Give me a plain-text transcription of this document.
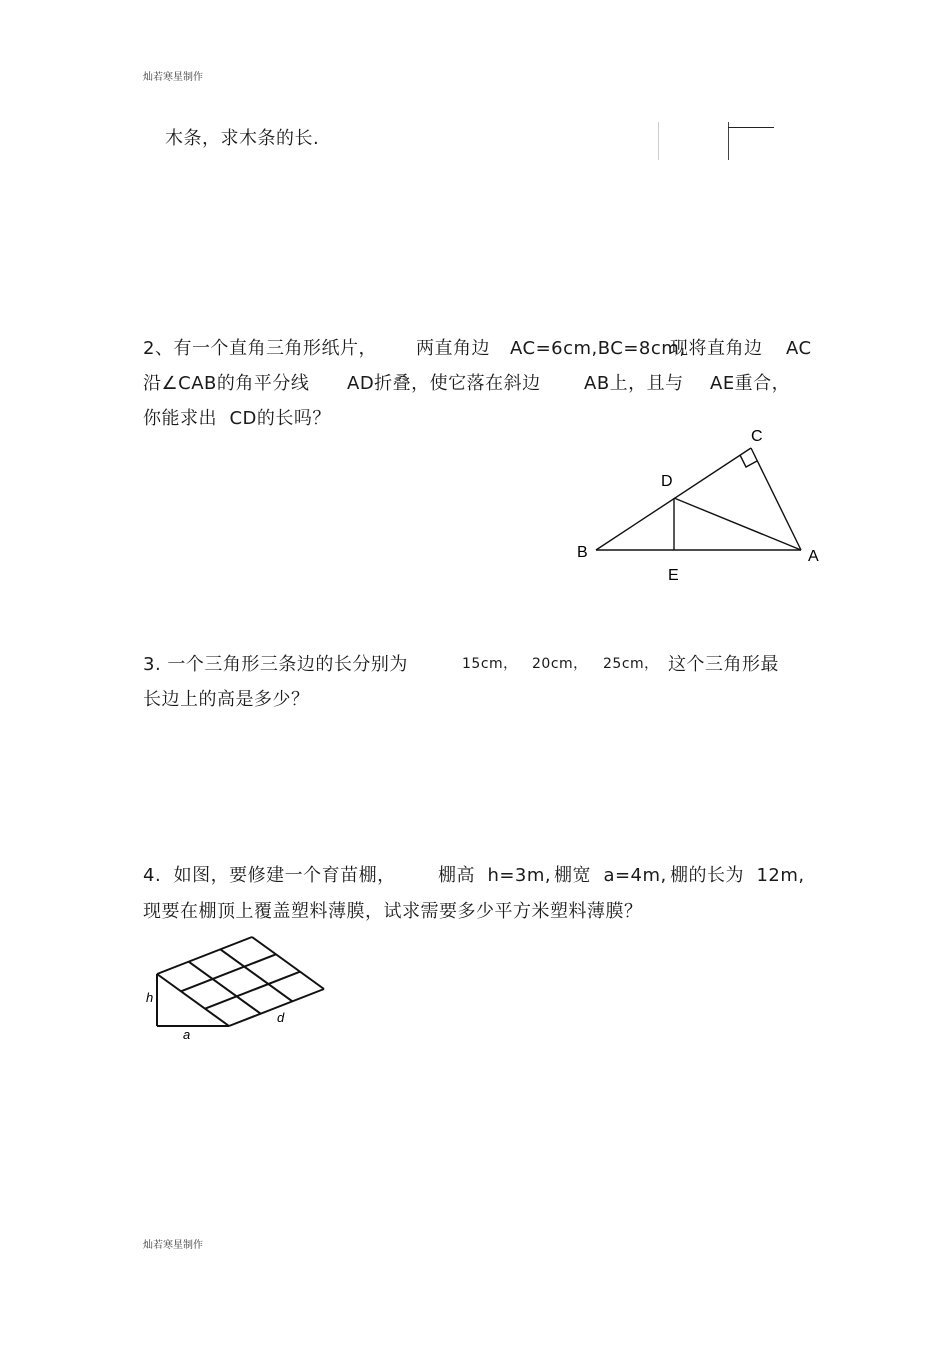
灿若寒星制作
灿若寒星制作
木条，求木条的长.
2、有一个直角三角形纸片， 两直角边 AC=6cm,BC=8cm,
现将直角边 AC
沿∠CAB的角平分线 AD折叠，使它落在斜边 AB上，且与 AE重合，
你能求出  CD的长吗？
C
D
B	A
E
3. 一个三角形三条边的长分别为	15cm， 20cm， 25cm， 这个三角形最
长边上的高是多少？
4.  如图，要修建一个育苗棚， 棚高  h=3m, 棚宽  a=4m, 棚的长为  12m,
现要在棚顶上覆盖塑料薄膜，试求需要多少平方米塑料薄膜？
h
a
d
